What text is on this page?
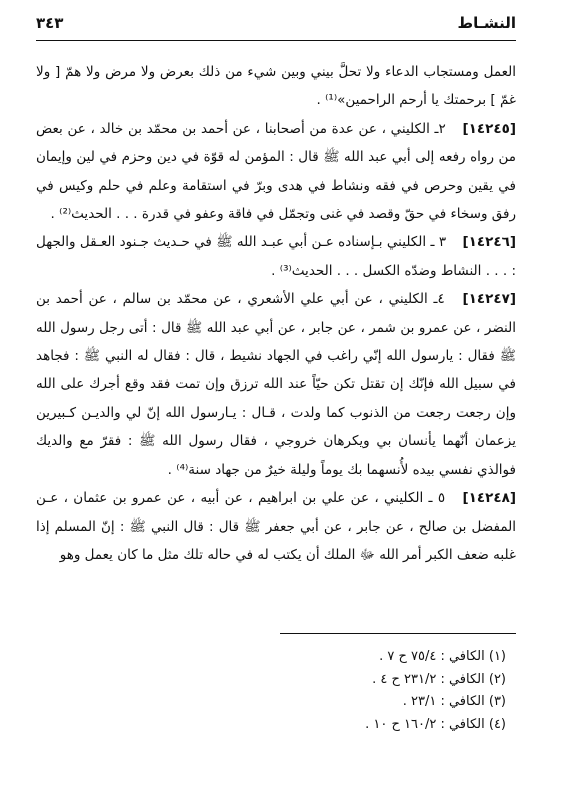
النشـاط
٣٤٣

العمل ومستجاب الدعاء ولا تحلَّ بيني وبين شيء من ذلك بعرض ولا مرض ولا همّ [ ولا غمّ ] برحمتك يا أرحم الراحمين»⁽¹⁾ .

[١٤٢٤٥] ٢ـ الكليني ، عن عدة من أصحابنا ، عن أحمد بن محمّد بن خالد ، عن بعض من رواه رفعه إلى أبي عبد الله ﷺ قال : المؤمن له قوّة في دين وحزم في لين وإيمان في يقين وحرص في فقه ونشاط في هدى وبرّ في استقامة وعلم في حلم وكيس في رفق وسخاء في حقّ وقصد في غنى وتجمّل في فاقة وعفو في قدرة . . . الحديث⁽²⁾ .

[١٤٢٤٦] ٣ ـ الكليني بـإسناده عـن أبي عبـد الله ﷺ في حـديث جـنود العـقل والجهل : . . . النشاط وضدّه الكسل . . . الحديث⁽³⁾ .

[١٤٢٤٧] ٤ـ الكليني ، عن أبي علي الأشعري ، عن محمّد بن سالم ، عن أحمد بن النضر ، عن عمرو بن شمر ، عن جابر ، عن أبي عبد الله ﷺ قال : أتى رجل رسول الله ﷺ فقال : يارسول الله إنّي راغب في الجهاد نشيط ، قال : فقال له النبي ﷺ : فجاهد في سبيل الله فإنّك إن تقتل تكن حيّاً عند الله ترزق وإن تمت فقد وقع أجرك على الله وإن رجعت رجعت من الذنوب كما ولدت ، قـال : يـارسول الله إنّ لي والديـن كـبيرين يزعمان أنّهما يأنسان بي ويكرهان خروجي ، فقال رسول الله ﷺ : فقرّ مع والديك فوالذي نفسي بيده لأُنسهما بك يوماً وليلة خيرٌ من جهاد سنة⁽⁴⁾ .

[١٤٢٤٨] ٥ ـ الكليني ، عن علي بن ابراهيم ، عن أبيه ، عن عمرو بن عثمان ، عـن المفضل بن صالح ، عن جابر ، عن أبي جعفر ﷺ قال : قال النبي ﷺ : إنّ المسلم إذا غلبه ضعف الكبر أمر الله ﷻ الملك أن يكتب له في حاله تلك مثل ما كان يعمل وهو

(١) الكافي : ٧٥/٤ ح ٧ .

(٢) الكافي : ٢٣١/٢ ح ٤ .

(٣) الكافي : ٢٣/١ .

(٤) الكافي : ١٦٠/٢ ح ١٠ .
